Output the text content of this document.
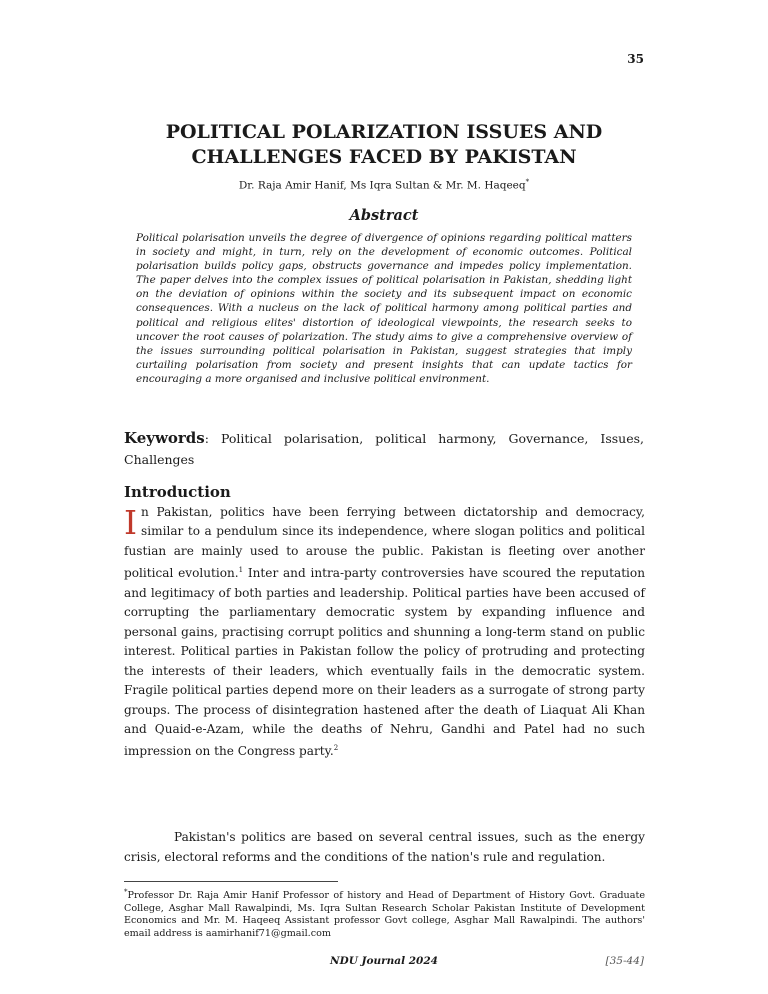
35
POLITICAL POLARIZATION ISSUES AND
CHALLENGES FACED BY PAKISTAN
Dr. Raja Amir Hanif, Ms Iqra Sultan & Mr. M. Haqeeq*
Abstract

Political polarisation unveils the degree of divergence of opinions regarding political matters in society and might, in turn, rely on the development of economic outcomes. Political polarisation builds policy gaps, obstructs governance and impedes policy implementation. The paper delves into the complex issues of political polarisation in Pakistan, shedding light on the deviation of opinions within the society and its subsequent impact on economic consequences. With a nucleus on the lack of political harmony among political parties and political and religious elites' distortion of ideological viewpoints, the research seeks to uncover the root causes of polarization. The study aims to give a comprehensive overview of the issues surrounding political polarisation in Pakistan, suggest strategies that imply curtailing polarisation from society and present insights that can update tactics for encouraging a more organised and inclusive political environment.

Keywords: Political polarisation, political harmony, Governance, Issues, Challenges

Introduction

In Pakistan, politics have been ferrying between dictatorship and democracy, similar to a pendulum since its independence, where slogan politics and political fustian are mainly used to arouse the public. Pakistan is fleeting over another political evolution.$^1$ Inter and intra-party controversies have scoured the reputation and legitimacy of both parties and leadership. Political parties have been accused of corrupting the parliamentary democratic system by expanding influence and personal gains, practising corrupt politics and shunning a long-term stand on public interest. Political parties in Pakistan follow the policy of protruding and protecting the interests of their leaders, which eventually fails in the democratic system. Fragile political parties depend more on their leaders as a surrogate of strong party groups. The process of disintegration hastened after the death of Liaquat Ali Khan and Quaid-e-Azam, while the deaths of Nehru, Gandhi and Patel had no such impression on the Congress party.$^2$

Pakistan's politics are based on several central issues, such as the energy crisis, electoral reforms and the conditions of the nation's rule and regulation.

*Professor Dr. Raja Amir Hanif Professor of history and Head of Department of History Govt. Graduate College, Asghar Mall Rawalpindi, Ms. Iqra Sultan Research Scholar Pakistan Institute of Development Economics and Mr. M. Haqeeq Assistant professor Govt college, Asghar Mall Rawalpindi. The authors' email address is aamirhanif71@gmail.com

NDU Journal 2024	[35-44]
